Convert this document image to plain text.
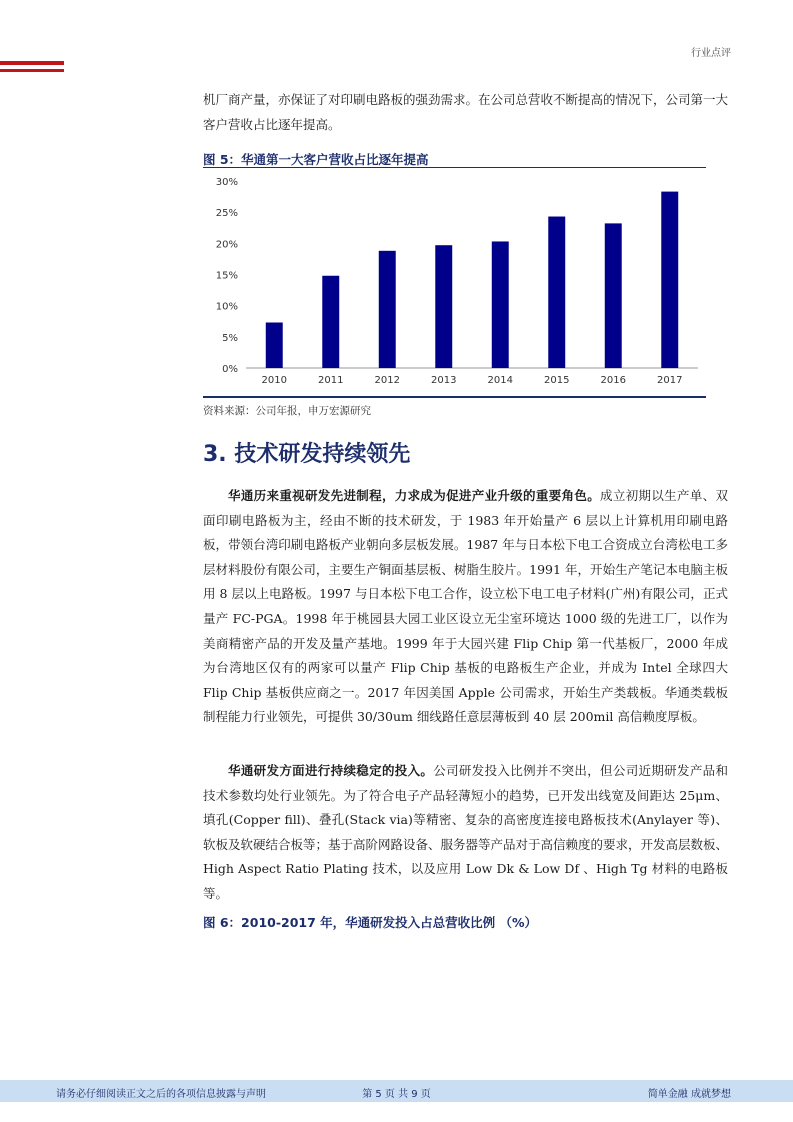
行业点评

机厂商产量，亦保证了对印刷电路板的强劲需求。在公司总营收不断提高的情况下，公司第一大客户营收占比逐年提高。

图 5：华通第一大客户营收占比逐年提高
0%
5%
10%
15%
20%
25%
30%
2010	2011	2012	2013	2014	2015	2016	2017
资料来源：公司年报，申万宏源研究
3. 技术研发持续领先

华通历来重视研发先进制程，力求成为促进产业升级的重要角色。成立初期以生产单、双面印刷电路板为主，经由不断的技术研发，于 1983 年开始量产 6 层以上计算机用印刷电路板，带领台湾印刷电路板产业朝向多层板发展。1987 年与日本松下电工合资成立台湾松电工多层材料股份有限公司，主要生产铜面基层板、树脂生胶片。1991 年，开始生产笔记本电脑主板用 8 层以上电路板。1997 与日本松下电工合作，设立松下电工电子材料(广州)有限公司，正式量产 FC-PGA。1998 年于桃园县大园工业区设立无尘室环境达 1000 级的先进工厂，以作为美商精密产品的开发及量产基地。1999 年于大园兴建 Flip Chip 第一代基板厂，2000 年成为台湾地区仅有的两家可以量产 Flip Chip 基板的电路板生产企业，并成为 Intel 全球四大 Flip Chip 基板供应商之一。2017 年因美国 Apple 公司需求，开始生产类载板。华通类载板制程能力行业领先，可提供 30/30um 细线路任意层薄板到 40 层 200mil 高信赖度厚板。

华通研发方面进行持续稳定的投入。公司研发投入比例并不突出，但公司近期研发产品和技术参数均处行业领先。为了符合电子产品轻薄短小的趋势，已开发出线宽及间距达 25μm、填孔(Copper fill)、叠孔(Stack via)等精密、复杂的高密度连接电路板技术(Anylayer 等)、软板及软硬结合板等；基于高阶网路设备、服务器等产品对于高信赖度的要求，开发高层数板、High Aspect Ratio Plating 技术，以及应用 Low Dk & Low Df 、High Tg 材料的电路板等。

图 6：2010-2017 年，华通研发投入占总营收比例 （%）
请务必仔细阅读正文之后的各项信息披露与声明	第 5 页 共 9 页	简单金融 成就梦想
